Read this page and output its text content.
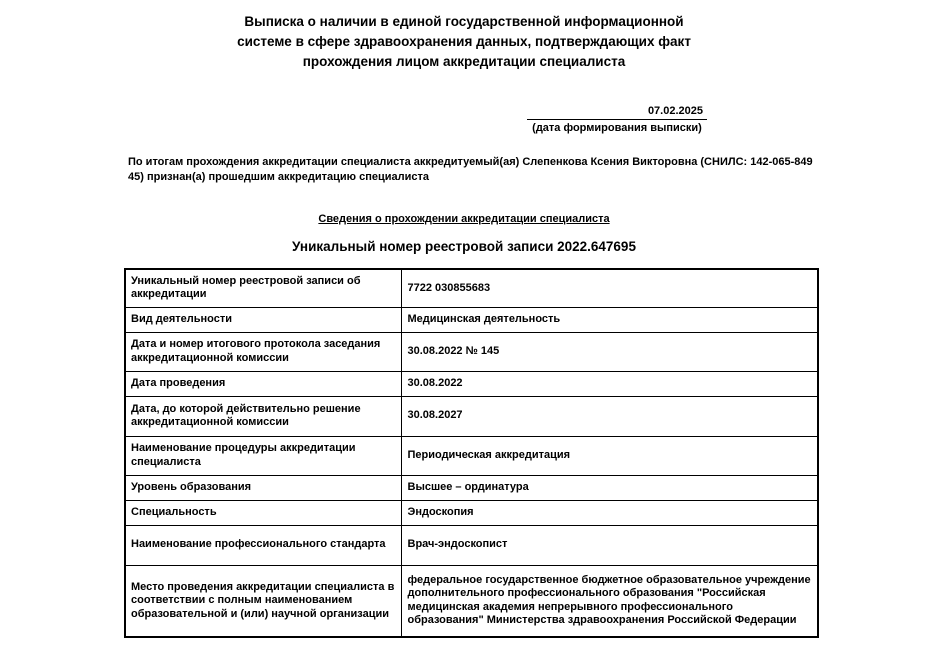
Выписка о наличии в единой государственной информационной
системе в сфере здравоохранения данных, подтверждающих факт
прохождения лицом аккредитации специалиста
07.02.2025
(дата формирования выписки)
По итогам прохождения аккредитации специалиста аккредитуемый(ая) Слепенкова Ксения Викторовна (СНИЛС: 142-065-849 45) признан(а) прошедшим аккредитацию специалиста
Сведения о прохождении аккредитации специалиста
Уникальный номер реестровой записи 2022.647695
Уникальный номер реестровой записи об аккредитации	7722 030855683
Вид деятельности	Медицинская деятельность
Дата и номер итогового протокола заседания аккредитационной комиссии	30.08.2022 № 145
Дата проведения	30.08.2022
Дата, до которой действительно решение аккредитационной комиссии	30.08.2027
Наименование процедуры аккредитации специалиста	Периодическая аккредитация
Уровень образования	Высшее – ординатура
Специальность	Эндоскопия
Наименование профессионального стандарта	Врач-эндоскопист
Место проведения аккредитации специалиста в соответствии с полным наименованием образовательной и (или) научной организации	федеральное государственное бюджетное образовательное учреждение дополнительного профессионального образования "Российская медицинская академия непрерывного профессионального образования" Министерства здравоохранения Российской Федерации
